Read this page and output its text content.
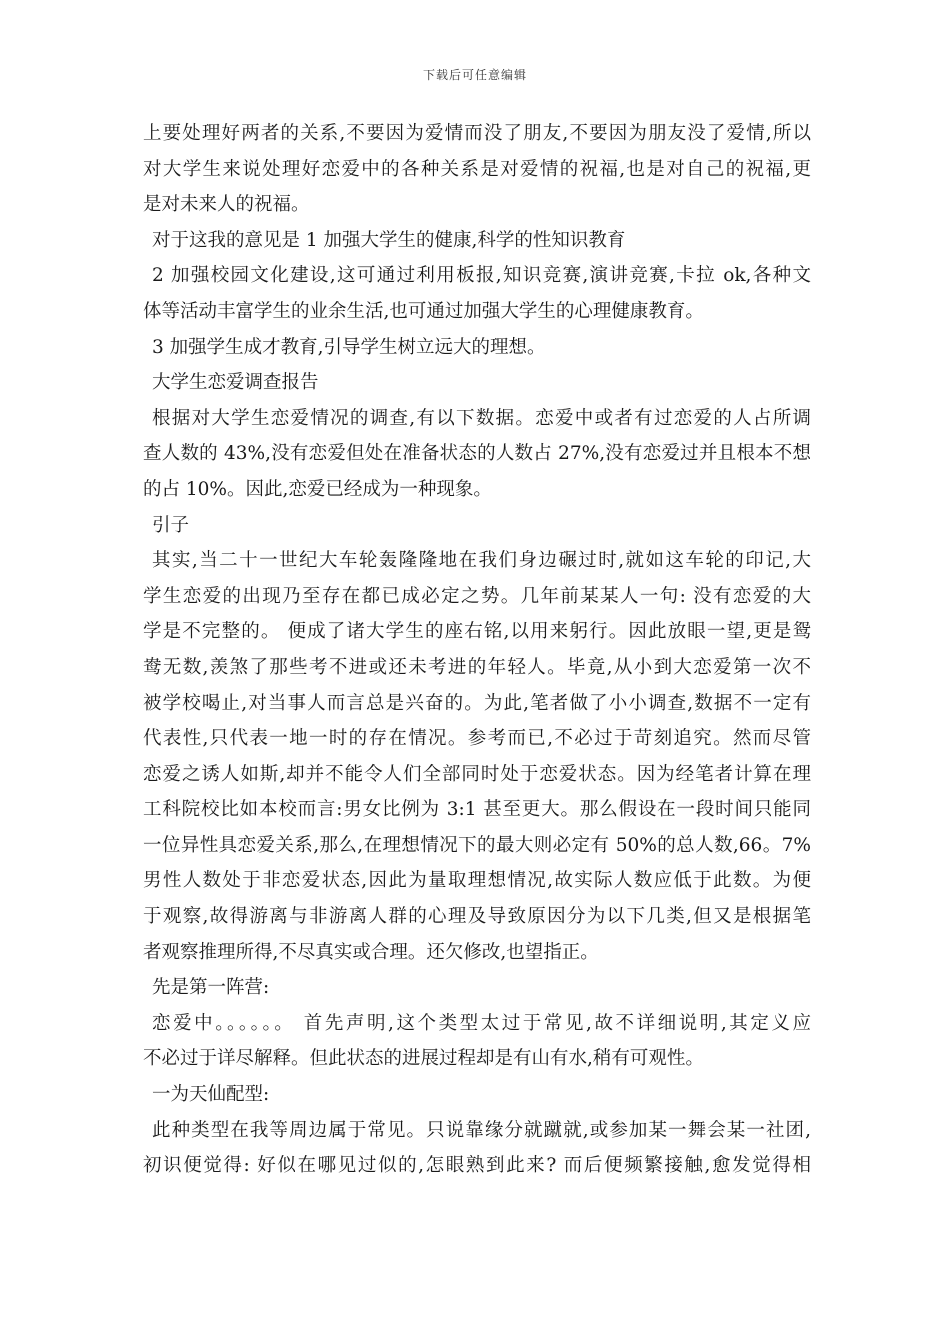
下载后可任意编辑
上要处理好两者的关系,不要因为爱情而没了朋友,不要因为朋友没了爱情,所以
对大学生来说处理好恋爱中的各种关系是对爱情的祝福,也是对自己的祝福,更
是对未来人的祝福。
对于这我的意见是 1 加强大学生的健康,科学的性知识教育
2 加强校园文化建设,这可通过利用板报,知识竞赛,演讲竞赛,卡拉 ok,各种文
体等活动丰富学生的业余生活,也可通过加强大学生的心理健康教育。
3 加强学生成才教育,引导学生树立远大的理想。
大学生恋爱调查报告
根据对大学生恋爱情况的调查,有以下数据。恋爱中或者有过恋爱的人占所调
查人数的 43%,没有恋爱但处在准备状态的人数占 27%,没有恋爱过并且根本不想
的占 10%。因此,恋爱已经成为一种现象。
引子
其实,当二十一世纪大车轮轰隆隆地在我们身边碾过时,就如这车轮的印记,大
学生恋爱的出现乃至存在都已成必定之势。几年前某某人一句: 没有恋爱的大
学是不完整的。 便成了诸大学生的座右铭,以用来躬行。因此放眼一望,更是鸳
鸯无数,羡煞了那些考不进或还未考进的年轻人。毕竟,从小到大恋爱第一次不
被学校喝止,对当事人而言总是兴奋的。为此,笔者做了小小调查,数据不一定有
代表性,只代表一地一时的存在情况。参考而已,不必过于苛刻追究。然而尽管
恋爱之诱人如斯,却并不能令人们全部同时处于恋爱状态。因为经笔者计算在理
工科院校比如本校而言:男女比例为 3:1 甚至更大。那么假设在一段时间只能同
一位异性具恋爱关系,那么,在理想情况下的最大则必定有 50%的总人数,66。7%
男性人数处于非恋爱状态,因此为量取理想情况,故实际人数应低于此数。为便
于观察,故得游离与非游离人群的心理及导致原因分为以下几类,但又是根据笔
者观察推理所得,不尽真实或合理。还欠修改,也望指正。
先是第一阵营:
恋爱中。。。。。。 首先声明,这个类型太过于常见,故不详细说明,其定义应
不必过于详尽解释。但此状态的进展过程却是有山有水,稍有可观性。
一为天仙配型:
此种类型在我等周边属于常见。只说靠缘分就蹴就,或参加某一舞会某一社团,
初识便觉得: 好似在哪见过似的,怎眼熟到此来? 而后便频繁接触,愈发觉得相
